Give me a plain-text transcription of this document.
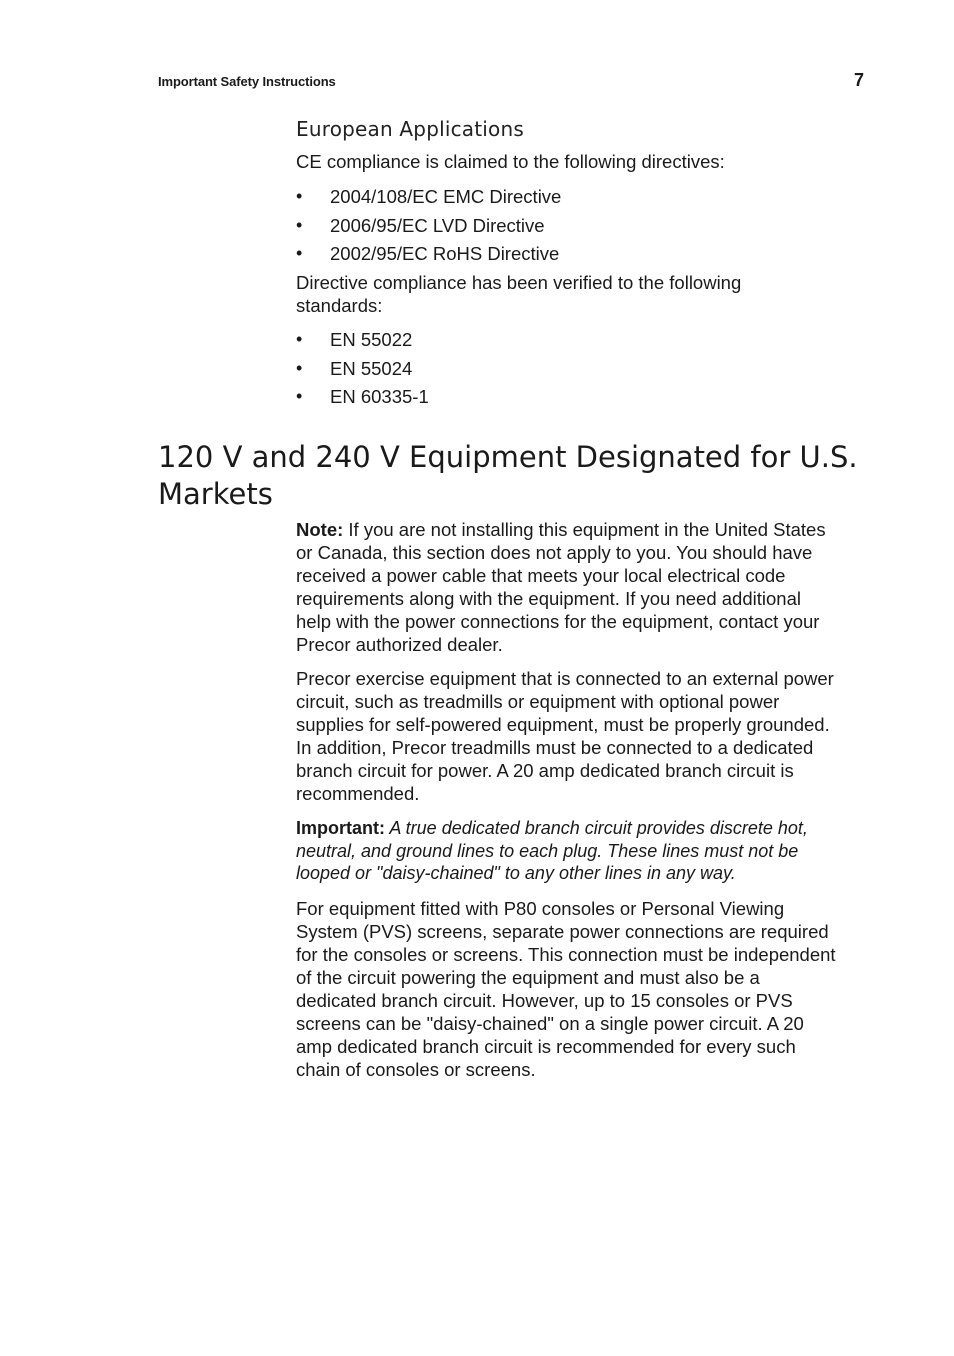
Important Safety Instructions	7
European Applications

CE compliance is claimed to the following directives:

• 2004/108/EC EMC Directive
• 2006/95/EC LVD Directive
• 2002/95/EC RoHS Directive

Directive compliance has been verified to the following standards:

• EN 55022
• EN 55024
• EN 60335-1
120 V and 240 V Equipment Designated for U.S. Markets

Note: If you are not installing this equipment in the United States or Canada, this section does not apply to you. You should have received a power cable that meets your local electrical code requirements along with the equipment. If you need additional help with the power connections for the equipment, contact your Precor authorized dealer.

Precor exercise equipment that is connected to an external power circuit, such as treadmills or equipment with optional power supplies for self-powered equipment, must be properly grounded. In addition, Precor treadmills must be connected to a dedicated branch circuit for power. A 20 amp dedicated branch circuit is recommended.

Important: A true dedicated branch circuit provides discrete hot, neutral, and ground lines to each plug. These lines must not be looped or "daisy-chained" to any other lines in any way.

For equipment fitted with P80 consoles or Personal Viewing System (PVS) screens, separate power connections are required for the consoles or screens. This connection must be independent of the circuit powering the equipment and must also be a dedicated branch circuit. However, up to 15 consoles or PVS screens can be "daisy-chained" on a single power circuit. A 20 amp dedicated branch circuit is recommended for every such chain of consoles or screens.
